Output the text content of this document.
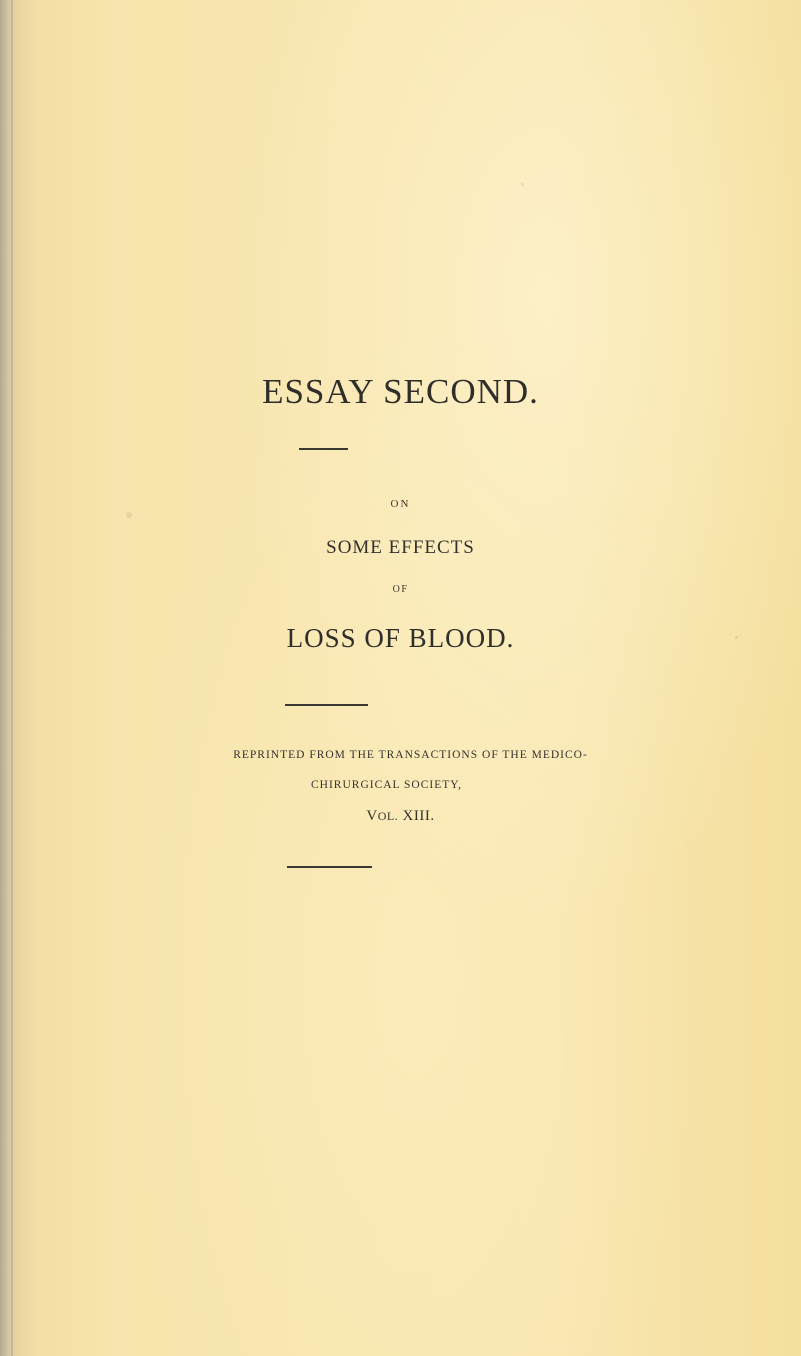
ESSAY SECOND.
ON
SOME EFFECTS
OF
LOSS OF BLOOD.
REPRINTED FROM THE TRANSACTIONS OF THE MEDICO-
CHIRURGICAL SOCIETY,
VOL. XIII.
